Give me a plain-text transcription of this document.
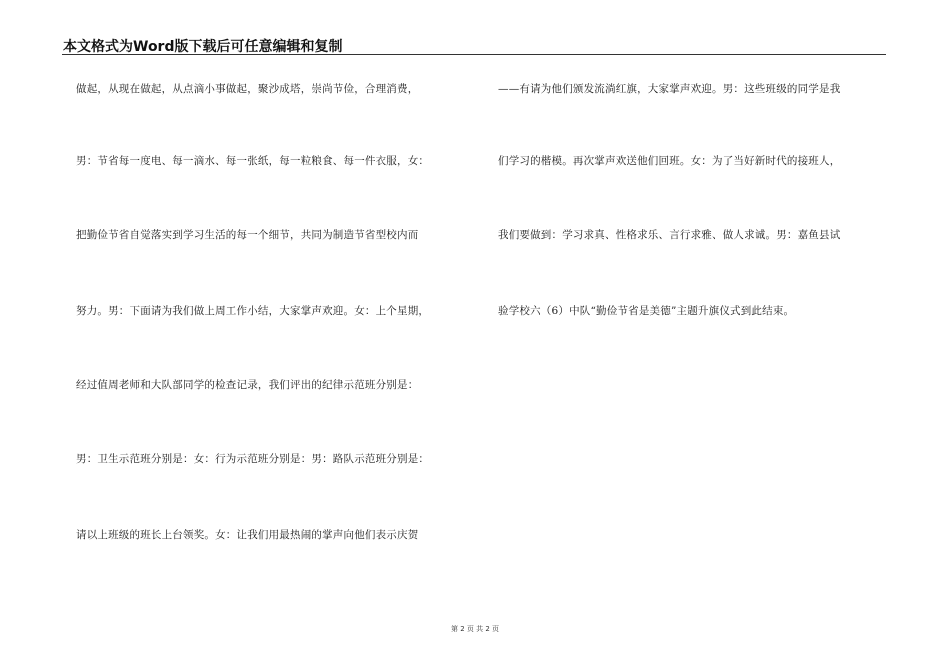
本文格式为Word版下载后可任意编辑和复制
做起，从现在做起，从点滴小事做起，聚沙成塔，崇尚节俭，合理消费，
男：节省每一度电、每一滴水、每一张纸，每一粒粮食、每一件衣服，女：
把勤俭节省自觉落实到学习生活的每一个细节，共同为制造节省型校内而
努力。男：下面请为我们做上周工作小结，大家掌声欢迎。女：上个星期，
经过值周老师和大队部同学的检查记录，我们评出的纪律示范班分别是：
男：卫生示范班分别是：女：行为示范班分别是：男：路队示范班分别是：
请以上班级的班长上台领奖。女：让我们用最热闹的掌声向他们表示庆贺
——有请为他们颁发流淌红旗，大家掌声欢迎。男：这些班级的同学是我
们学习的楷模。再次掌声欢送他们回班。女：为了当好新时代的接班人，
我们要做到：学习求真、性格求乐、言行求雅、做人求诚。男：嘉鱼县试
验学校六（6）中队“勤俭节省是美德”主题升旗仪式到此结束。
第 2 页 共 2 页
